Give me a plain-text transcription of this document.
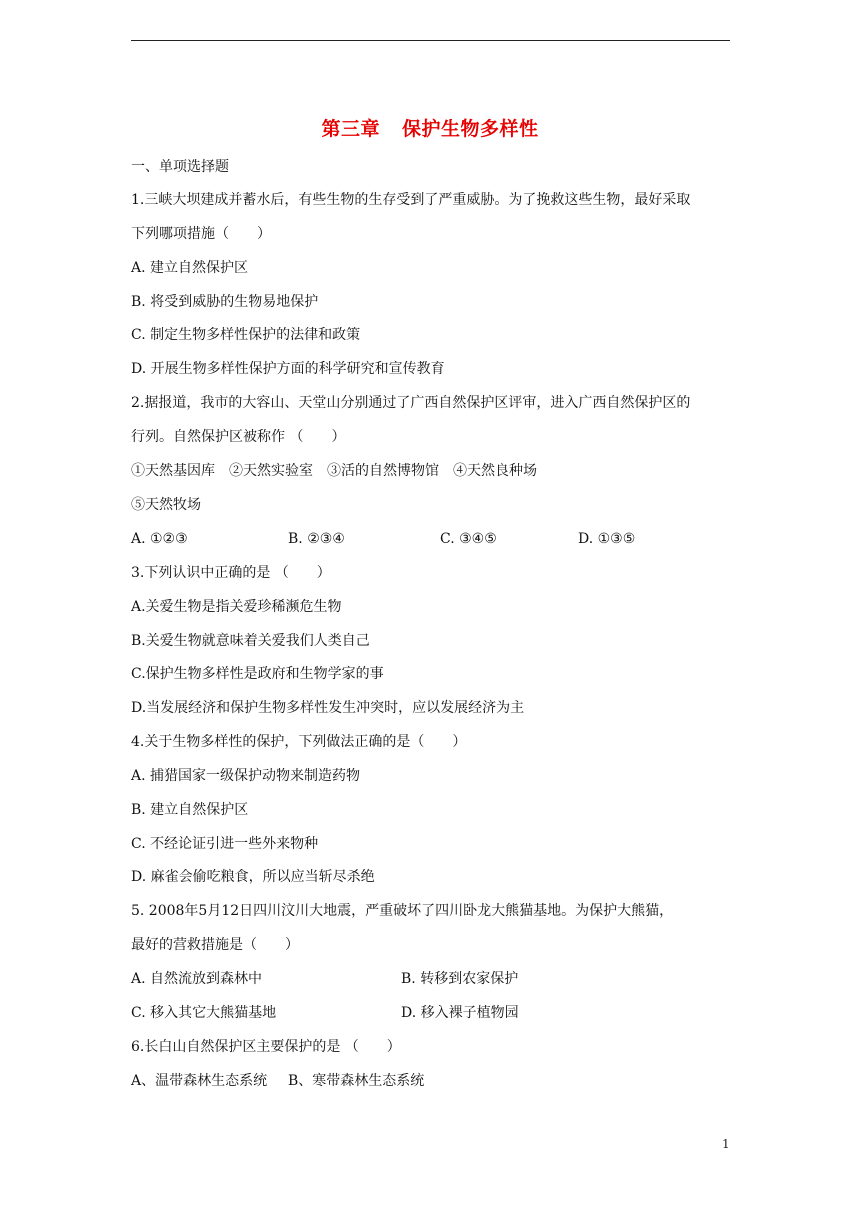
第三章 保护生物多样性
一、单项选择题
1.三峡大坝建成并蓄水后，有些生物的生存受到了严重威胁。为了挽救这些生物，最好采取
下列哪项措施（　　）
A. 建立自然保护区
B. 将受到威胁的生物易地保护
C. 制定生物多样性保护的法律和政策
D. 开展生物多样性保护方面的科学研究和宣传教育
2.据报道，我市的大容山、天堂山分别通过了广西自然保护区评审，进入广西自然保护区的
行列。自然保护区被称作 （　　）
①天然基因库　②天然实验室　③活的自然博物馆　④天然良种场
⑤天然牧场
A. ①②③	B. ②③④	C. ③④⑤	D. ①③⑤
3.下列认识中正确的是 （　　）
A.关爱生物是指关爱珍稀濒危生物
B.关爱生物就意味着关爱我们人类自己
C.保护生物多样性是政府和生物学家的事
D.当发展经济和保护生物多样性发生冲突时，应以发展经济为主
4.关于生物多样性的保护，下列做法正确的是（　　）
A. 捕猎国家一级保护动物来制造药物
B. 建立自然保护区
C. 不经论证引进一些外来物种
D. 麻雀会偷吃粮食，所以应当斩尽杀绝
5. 2008年5月12日四川汶川大地震，严重破坏了四川卧龙大熊猫基地。为保护大熊猫，
最好的营救措施是（　　）
A. 自然流放到森林中	B. 转移到农家保护
C. 移入其它大熊猫基地	D. 移入裸子植物园
6.长白山自然保护区主要保护的是 （　　）
A、温带森林生态系统 B、寒带森林生态系统
1
